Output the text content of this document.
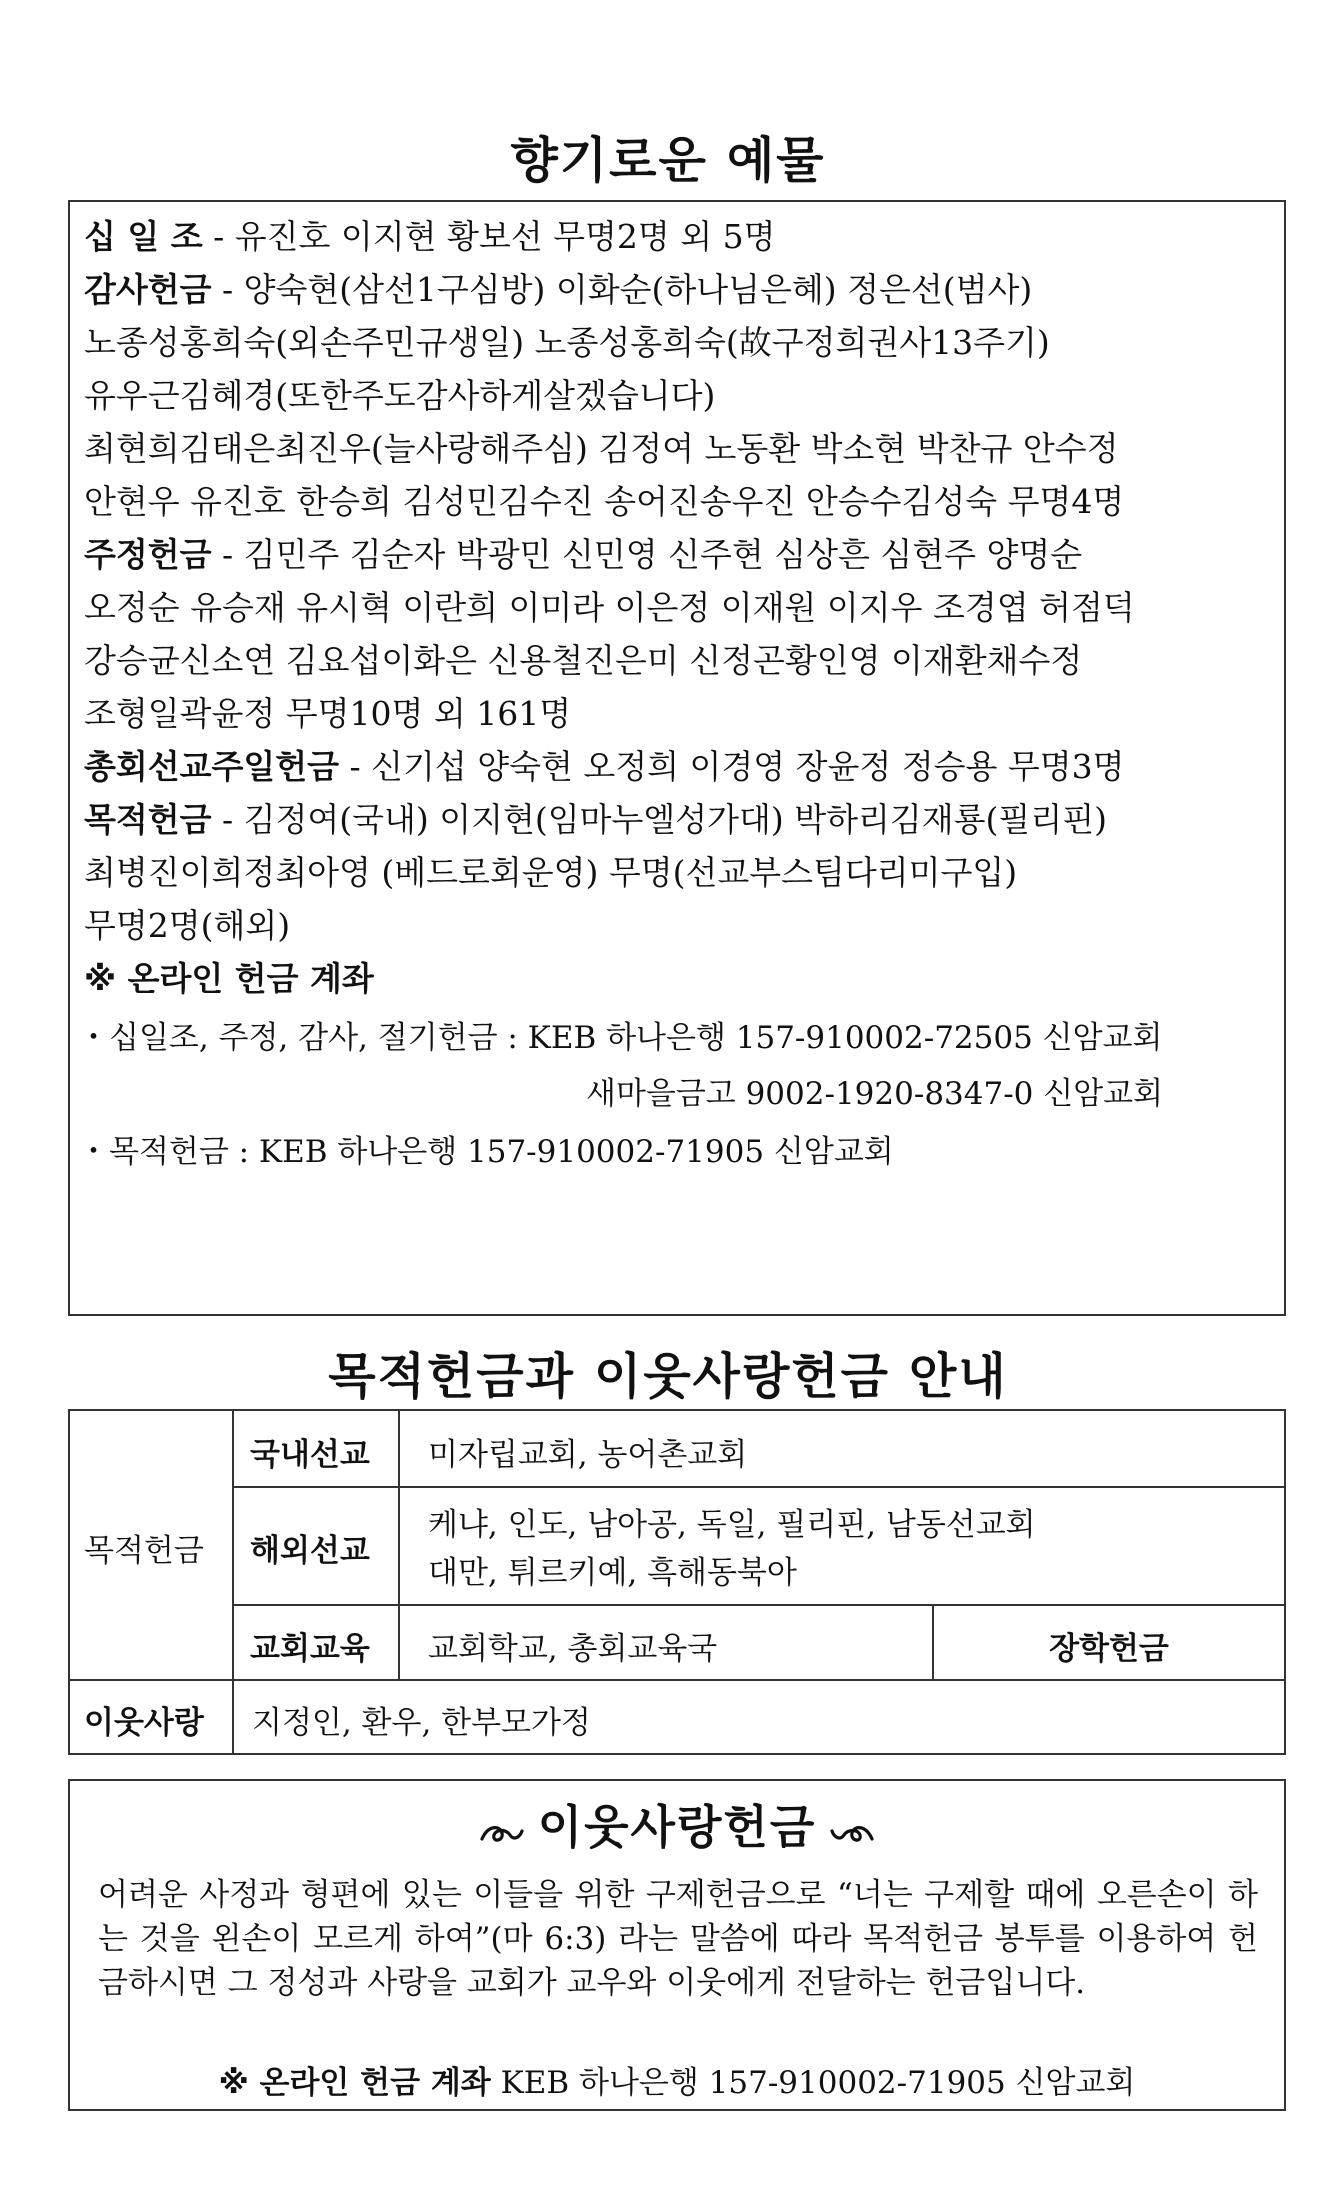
향기로운 예물
십 일 조 - 유진호 이지현 황보선 무명2명 외 5명
감사헌금 - 양숙현(삼선1구심방) 이화순(하나님은혜) 정은선(범사)
노종성홍희숙(외손주민규생일) 노종성홍희숙(故구정희권사13주기)
유우근김혜경(또한주도감사하게살겠습니다)
최현희김태은최진우(늘사랑해주심) 김정여 노동환 박소현 박찬규 안수정
안현우 유진호 한승희 김성민김수진 송어진송우진 안승수김성숙 무명4명
주정헌금 - 김민주 김순자 박광민 신민영 신주현 심상흔 심현주 양명순
오정순 유승재 유시혁 이란희 이미라 이은정 이재원 이지우 조경엽 허점덕
강승균신소연 김요섭이화은 신용철진은미 신정곤황인영 이재환채수정
조형일곽윤정 무명10명 외 161명
총회선교주일헌금 - 신기섭 양숙현 오정희 이경영 장윤정 정승용 무명3명
목적헌금 - 김정여(국내) 이지현(임마누엘성가대) 박하리김재룡(필리핀)
최병진이희정최아영 (베드로회운영) 무명(선교부스팀다리미구입)
무명2명(해외)
※ 온라인 헌금 계좌
・십일조, 주정, 감사, 절기헌금 : KEB 하나은행 157-910002-72505 신암교회
새마을금고 9002-1920-8347-0 신암교회
・목적헌금 : KEB 하나은행 157-910002-71905 신암교회
목적헌금과 이웃사랑헌금 안내
목적헌금
국내선교 미자립교회, 농어촌교회
해외선교
케냐, 인도, 남아공, 독일, 필리핀, 남동선교회
대만, 튀르키예, 흑해동북아
교회교육 교회학교, 총회교육국	장학헌금
이웃사랑 지정인, 환우, 한부모가정
이웃사랑헌금
어려운 사정과 형편에 있는 이들을 위한 구제헌금으로 “너는 구제할 때에 오른손이 하는 것을 왼손이 모르게 하여”(마 6:3) 라는 말씀에 따라 목적헌금 봉투를 이용하여 헌금하시면 그 정성과 사랑을 교회가 교우와 이웃에게 전달하는 헌금입니다.
※ 온라인 헌금 계좌 KEB 하나은행 157-910002-71905 신암교회
